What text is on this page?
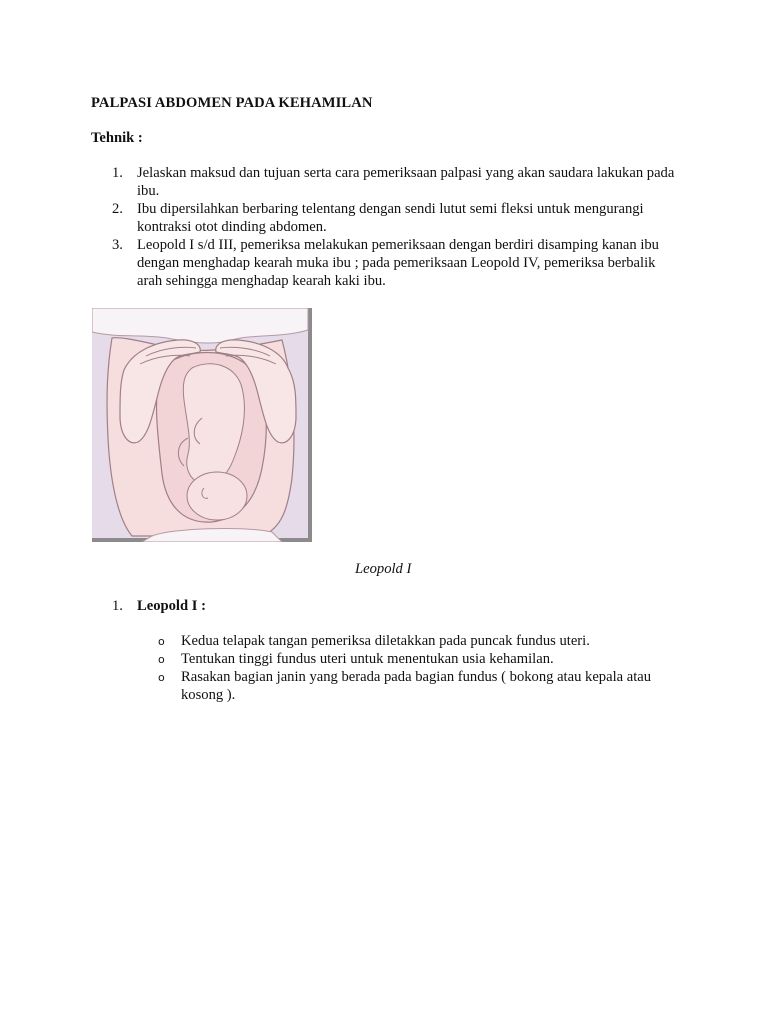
PALPASI ABDOMEN PADA KEHAMILAN
Tehnik :
1. Jelaskan maksud dan tujuan serta cara pemeriksaan palpasi yang akan saudara lakukan pada ibu.
2. Ibu dipersilahkan berbaring telentang dengan sendi lutut semi fleksi untuk mengurangi kontraksi otot dinding abdomen.
3. Leopold I s/d III, pemeriksa melakukan pemeriksaan dengan berdiri disamping kanan ibu dengan menghadap kearah muka ibu ; pada pemeriksaan Leopold IV, pemeriksa berbalik arah sehingga menghadap kearah kaki ibu.
Leopold I
1. Leopold I :
o Kedua telapak tangan pemeriksa diletakkan pada puncak fundus uteri.
o Tentukan tinggi fundus uteri untuk menentukan usia kehamilan.
o Rasakan bagian janin yang berada pada bagian fundus ( bokong atau kepala atau kosong ).
